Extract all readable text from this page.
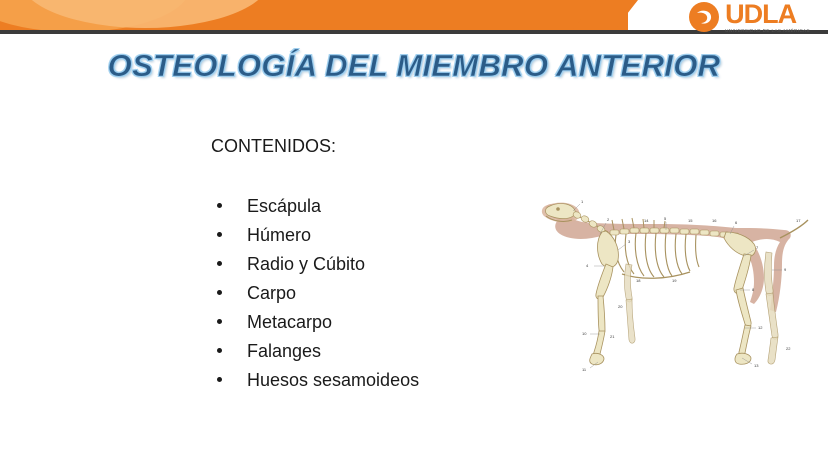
UDLA
UNIVERSIDAD DE LAS AMÉRICAS
OSTEOLOGÍA DEL MIEMBRO ANTERIOR
CONTENIDOS:
Escápula
Húmero
Radio y Cúbito
Carpo
Metacarpo
Falanges
Huesos sesamoideos
1
2
3
4
5
6
7
8
9
10
11
12
13
14	15	16	17
18	19
20
21
22
